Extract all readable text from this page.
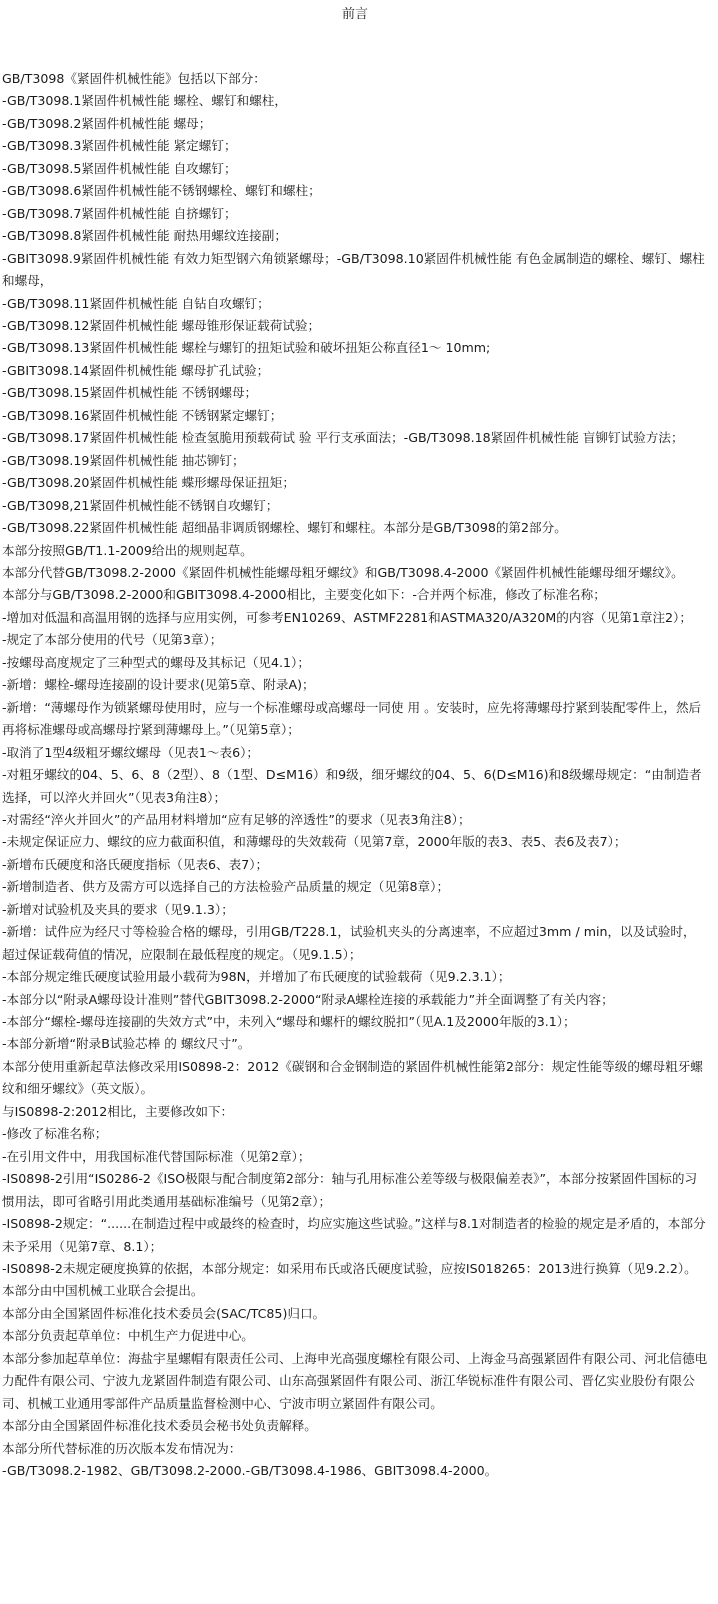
前言

GB/T3098《紧固件机械性能》包括以下部分：

-GB/T3098.1紧固件机械性能 螺栓、螺钉和螺柱，

-GB/T3098.2紧固件机械性能 螺母；

-GB/T3098.3紧固件机械性能 紧定螺钉；

-GB/T3098.5紧固件机械性能 自攻螺钉；

-GB/T3098.6紧固件机械性能不锈钢螺栓、螺钉和螺柱；

-GB/T3098.7紧固件机械性能 自挤螺钉；

-GB/T3098.8紧固件机械性能 耐热用螺纹连接副；

-GBIT3098.9紧固件机械性能 有效力矩型钢六角锁紧螺母；-GB/T3098.10紧固件机械性能 有色金属制造的螺栓、螺钉、螺柱和螺母，

-GB/T3098.11紧固件机械性能 自钻自攻螺钉；

-GB/T3098.12紧固件机械性能 螺母锥形保证载荷试验；

-GB/T3098.13紧固件机械性能 螺栓与螺钉的扭矩试验和破坏扭矩公称直径1～ 10mm;

-GBIT3098.14紧固件机械性能 螺母扩孔试验；

-GB/T3098.15紧固件机械性能 不锈钢螺母；

-GB/T3098.16紧固件机械性能 不锈钢紧定螺钉；

-GB/T3098.17紧固件机械性能 检查氢脆用预载荷试 验 平行支承面法；-GB/T3098.18紧固件机械性能 盲铆钉试验方法；

-GB/T3098.19紧固件机械性能 抽芯铆钉；

-GB/T3098.20紧固件机械性能 蝶形螺母保证扭矩；

-GB/T3098,21紧固件机械性能不锈钢自攻螺钉；

-GB/T3098.22紧固件机械性能 超细晶非调质钢螺栓、螺钉和螺柱。本部分是GB/T3098的第2部分。

本部分按照GB/T1.1-2009给出的规则起草。

本部分代替GB/T3098.2-2000《紧固件机械性能螺母粗牙螺纹》和GB/T3098.4-2000《紧固件机械性能螺母细牙螺纹》。

本部分与GB/T3098.2-2000和GBIT3098.4-2000相比，主要变化如下：-合并两个标准，修改了标准名称；

-增加对低温和高温用钢的选择与应用实例，可参考EN10269、ASTMF2281和ASTMA320/A320M的内容（见第1章注2）；

-规定了本部分使用的代号（见第3章）；

-按螺母高度规定了三种型式的螺母及其标记（见4.1）；

-新增：螺栓-螺母连接副的设计要求(见第5章、附录A)；

-新增：“薄螺母作为锁紧螺母使用时，应与一个标准螺母或高螺母一同使 用 。安装时，应先将薄螺母拧紧到装配零件上，然后再将标准螺母或高螺母拧紧到薄螺母上。”（见第5章）；

-取消了1型4级粗牙螺纹螺母（见表1～表6）；

-对粗牙螺纹的04、5、6、8（2型）、8（1型、D≤M16）和9级，细牙螺纹的04、5、6(D≤M16)和8级螺母规定：“由制造者选择，可以淬火并回火”（见表3角注8）；

-对需经“淬火并回火”的产品用材料增加“应有足够的淬透性”的要求（见表3角注8）；

-未规定保证应力、螺纹的应力截面积值，和薄螺母的失效载荷（见第7章，2000年版的表3、表5、表6及表7）；

-新增布氏硬度和洛氏硬度指标（见表6、表7）；

-新增制造者、供方及需方可以选择自己的方法检验产品质量的规定（见第8章）；

-新增对试验机及夹具的要求（见9.1.3）；

-新增：试件应为经尺寸等检验合格的螺母，引用GB/T228.1，试验机夹头的分离速率，不应超过3mm / min，以及试验时，超过保证载荷值的情况，应限制在最低程度的规定。（见9.1.5）；

-本部分规定维氏硬度试验用最小载荷为98N，并增加了布氏硬度的试验载荷（见9.2.3.1）；

-本部分以“附录A螺母设计准则”替代GBIT3098.2-2000“附录A螺栓连接的承载能力”并全面调整了有关内容；

-本部分“螺栓-螺母连接副的失效方式”中，未列入“螺母和螺杆的螺纹脱扣”（见A.1及2000年版的3.1）；

-本部分新增“附录B试验芯棒 的 螺纹尺寸”。

本部分使用重新起草法修改采用IS0898-2：2012《碳钢和合金钢制造的紧固件机械性能第2部分：规定性能等级的螺母粗牙螺纹和细牙螺纹》（英文版）。

与IS0898-2:2012相比，主要修改如下：

-修改了标准名称；

-在引用文件中，用我国标准代替国际标准（见第2章）；

-IS0898-2引用“IS0286-2《ISO极限与配合制度第2部分：轴与孔用标准公差等级与极限偏差表》”，本部分按紧固件国标的习惯用法，即可省略引用此类通用基础标准编号（见第2章）；

-IS0898-2规定：“......在制造过程中或最终的检查时，均应实施这些试验。”这样与8.1对制造者的检验的规定是矛盾的，本部分未予采用（见第7章、8.1）；

-IS0898-2未规定硬度换算的依据，本部分规定：如采用布氏或洛氏硬度试验，应按IS018265：2013进行换算（见9.2.2）。

本部分由中国机械工业联合会提出。

本部分由全国紧固件标准化技术委员会(SAC/TC85)归口。

本部分负责起草单位：中机生产力促进中心。

本部分参加起草单位：海盐宇星螺帽有限责任公司、上海申光高强度螺栓有限公司、上海金马高强紧固件有限公司、河北信德电力配件有限公司、宁波九龙紧固件制造有限公司、山东高强紧固件有限公司、浙江华锐标准件有限公司、晋亿实业股份有限公司、机械工业通用零部件产品质量监督检测中心、宁波市明立紧固件有限公司。

本部分由全国紧固件标准化技术委员会秘书处负责解释。

本部分所代替标准的历次版本发布情况为：

-GB/T3098.2-1982、GB/T3098.2-2000.-GB/T3098.4-1986、GBIT3098.4-2000。
